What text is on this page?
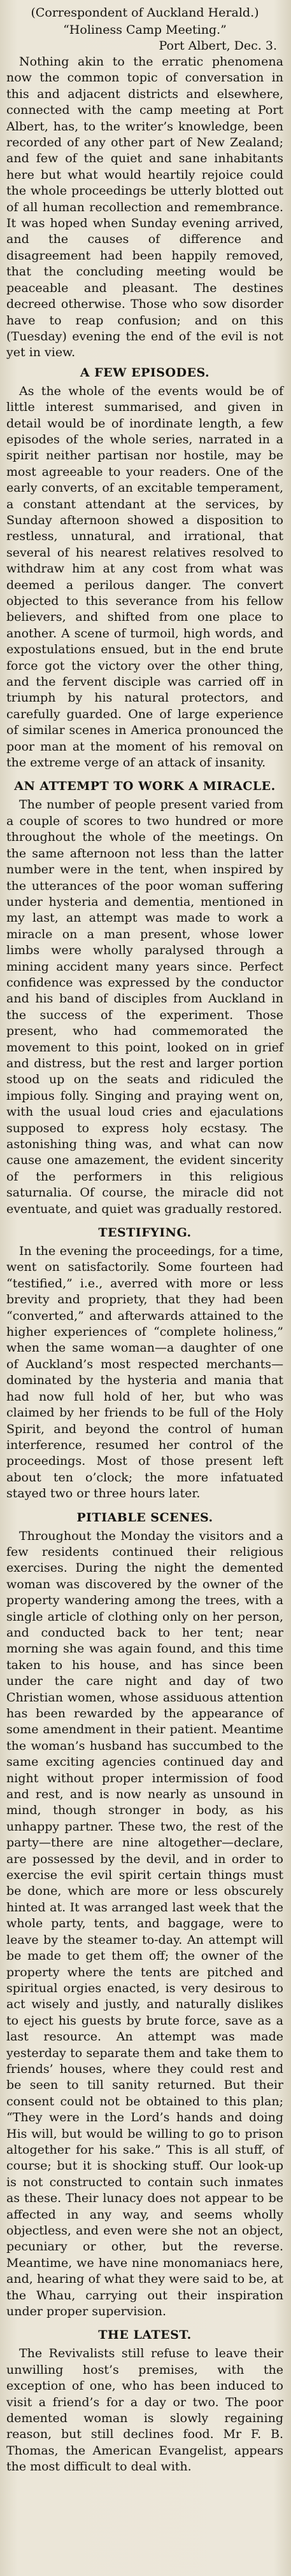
(Correspondent of Auckland Herald.)

“Holiness Camp Meeting.”

Port Albert, Dec. 3.

Nothing akin to the erratic phenomena now the common topic of conversation in this and adjacent districts and elsewhere, connected with the camp meeting at Port Albert, has, to the writer’s knowledge, been recorded of any other part of New Zealand; and few of the quiet and sane inhabitants here but what would heartily rejoice could the whole proceedings be utterly blotted out of all human recollection and remembrance. It was hoped when Sunday evening arrived, and the causes of difference and disagreement had been happily removed, that the concluding meeting would be peaceable and pleasant. The destines decreed otherwise. Those who sow disorder have to reap confusion; and on this (Tuesday) evening the end of the evil is not yet in view.

A FEW EPISODES.

As the whole of the events would be of little interest summarised, and given in detail would be of inordinate length, a few episodes of the whole series, narrated in a spirit neither partisan nor hostile, may be most agreeable to your readers. One of the early converts, of an excitable temperament, a constant attendant at the services, by Sunday afternoon showed a disposition to restless, unnatural, and irrational, that several of his nearest relatives resolved to withdraw him at any cost from what was deemed a perilous danger. The convert objected to this severance from his fellow believers, and shifted from one place to another. A scene of turmoil, high words, and expostulations ensued, but in the end brute force got the victory over the other thing, and the fervent disciple was carried off in triumph by his natural protectors, and carefully guarded. One of large experience of similar scenes in America pronounced the poor man at the moment of his removal on the extreme verge of an attack of insanity.

AN ATTEMPT TO WORK A MIRACLE.

The number of people present varied from a couple of scores to two hundred or more throughout the whole of the meetings. On the same afternoon not less than the latter number were in the tent, when inspired by the utterances of the poor woman suffering under hysteria and dementia, mentioned in my last, an attempt was made to work a miracle on a man present, whose lower limbs were wholly paralysed through a mining accident many years since. Perfect confidence was expressed by the conductor and his band of disciples from Auckland in the success of the experiment. Those present, who had commemorated the movement to this point, looked on in grief and distress, but the rest and larger portion stood up on the seats and ridiculed the impious folly. Singing and praying went on, with the usual loud cries and ejaculations supposed to express holy ecstasy. The astonishing thing was, and what can now cause one amazement, the evident sincerity of the performers in this religious saturnalia. Of course, the miracle did not eventuate, and quiet was gradually restored.

TESTIFYING.

In the evening the proceedings, for a time, went on satisfactorily. Some fourteen had “testified,” i.e., averred with more or less brevity and propriety, that they had been “converted,” and afterwards attained to the higher experiences of “complete holiness,” when the same woman—a daughter of one of Auckland’s most respected merchants—dominated by the hysteria and mania that had now full hold of her, but who was claimed by her friends to be full of the Holy Spirit, and beyond the control of human interference, resumed her control of the proceedings. Most of those present left about ten o’clock; the more infatuated stayed two or three hours later.

PITIABLE SCENES.

Throughout the Monday the visitors and a few residents continued their religious exercises. During the night the demented woman was discovered by the owner of the property wandering among the trees, with a single article of clothing only on her person, and conducted back to her tent; near morning she was again found, and this time taken to his house, and has since been under the care night and day of two Christian women, whose assiduous attention has been rewarded by the appearance of some amendment in their patient. Meantime the woman’s husband has succumbed to the same exciting agencies continued day and night without proper intermission of food and rest, and is now nearly as unsound in mind, though stronger in body, as his unhappy partner. These two, the rest of the party—there are nine altogether—declare, are possessed by the devil, and in order to exercise the evil spirit certain things must be done, which are more or less obscurely hinted at. It was arranged last week that the whole party, tents, and baggage, were to leave by the steamer to-day. An attempt will be made to get them off; the owner of the property where the tents are pitched and spiritual orgies enacted, is very desirous to act wisely and justly, and naturally dislikes to eject his guests by brute force, save as a last resource. An attempt was made yesterday to separate them and take them to friends’ houses, where they could rest and be seen to till sanity returned. But their consent could not be obtained to this plan; “They were in the Lord’s hands and doing His will, but would be willing to go to prison altogether for his sake.” This is all stuff, of course; but it is shocking stuff. Our look-up is not constructed to contain such inmates as these. Their lunacy does not appear to be affected in any way, and seems wholly objectless, and even were she not an object, pecuniary or other, but the reverse. Meantime, we have nine monomaniacs here, and, hearing of what they were said to be, at the Whau, carrying out their inspiration under proper supervision.

THE LATEST.

The Revivalists still refuse to leave their unwilling host’s premises, with the exception of one, who has been induced to visit a friend’s for a day or two. The poor demented woman is slowly regaining reason, but still declines food. Mr F. B. Thomas, the American Evangelist, appears the most difficult to deal with.
